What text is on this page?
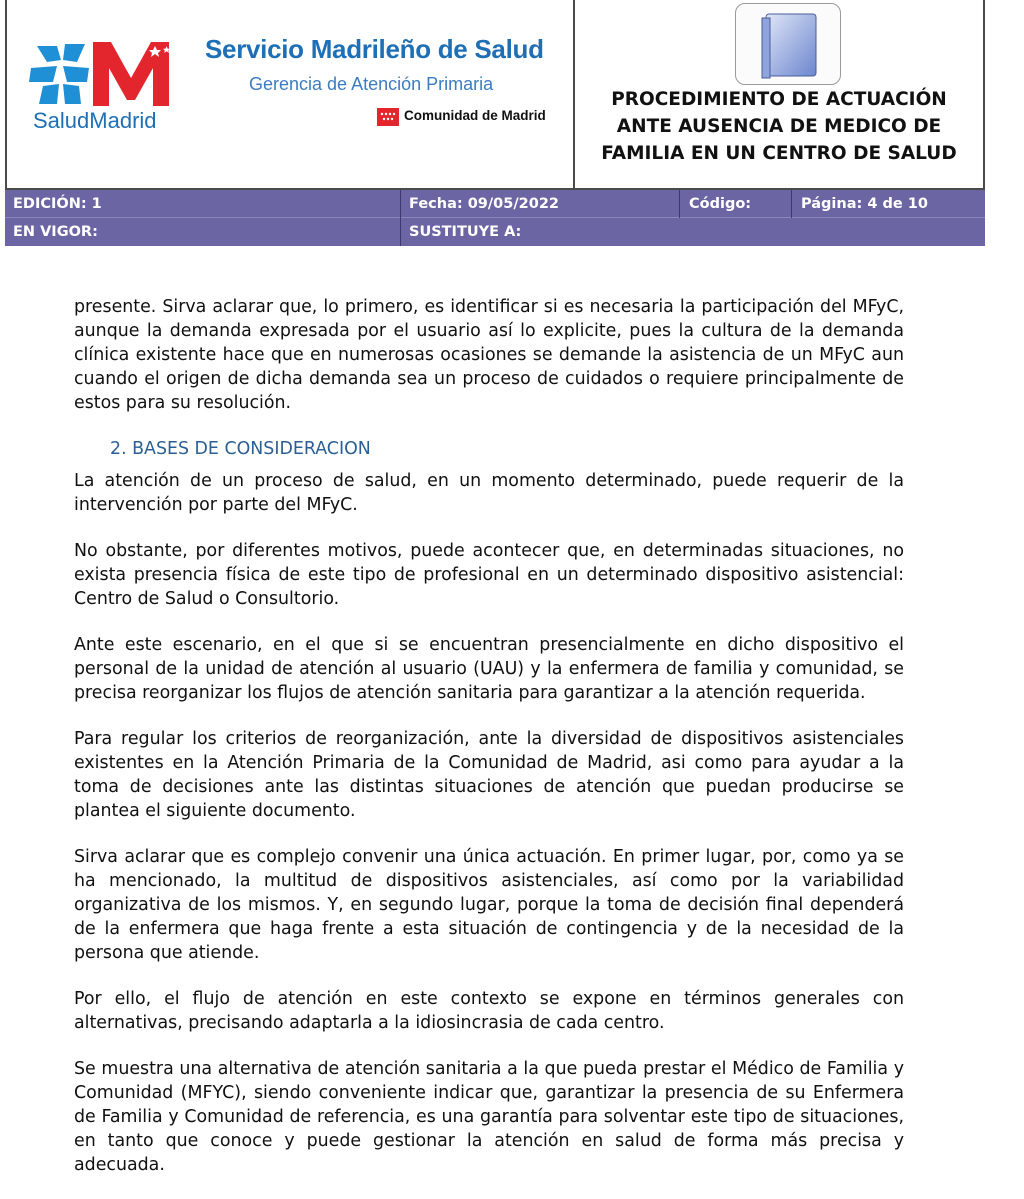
SaludMadrid
Servicio Madrileño de Salud
Gerencia de Atención Primaria
Comunidad de Madrid
PROCEDIMIENTO DE ACTUACIÓN
ANTE AUSENCIA DE MEDICO DE
FAMILIA EN UN CENTRO DE SALUD
EDICIÓN: 1	Fecha: 09/05/2022	Código:	Página: 4 de 10
EN VIGOR:	SUSTITUYE A:

presente. Sirva aclarar que, lo primero, es identificar si es necesaria la participación del MFyC, aunque la demanda expresada por el usuario así lo explicite, pues la cultura de la demanda clínica existente hace que en numerosas ocasiones se demande la asistencia de un MFyC aun cuando el origen de dicha demanda sea un proceso de cuidados o requiere principalmente de estos para su resolución.

2. BASES DE CONSIDERACION

La atención de un proceso de salud, en un momento determinado, puede requerir de la intervención por parte del MFyC.

No obstante, por diferentes motivos, puede acontecer que, en determinadas situaciones, no exista presencia física de este tipo de profesional en un determinado dispositivo asistencial: Centro de Salud o Consultorio.

Ante este escenario, en el que si se encuentran presencialmente en dicho dispositivo el personal de la unidad de atención al usuario (UAU) y la enfermera de familia y comunidad, se precisa reorganizar los flujos de atención sanitaria para garantizar a la atención requerida.

Para regular los criterios de reorganización, ante la diversidad de dispositivos asistenciales existentes en la Atención Primaria de la Comunidad de Madrid, asi como para ayudar a la toma de decisiones ante las distintas situaciones de atención que puedan producirse se plantea el siguiente documento.

Sirva aclarar que es complejo convenir una única actuación. En primer lugar, por, como ya se ha mencionado, la multitud de dispositivos asistenciales, así como por la variabilidad organizativa de los mismos. Y, en segundo lugar, porque la toma de decisión final dependerá de la enfermera que haga frente a esta situación de contingencia y de la necesidad de la persona que atiende.

Por ello, el flujo de atención en este contexto se expone en términos generales con alternativas, precisando adaptarla a la idiosincrasia de cada centro.

Se muestra una alternativa de atención sanitaria a la que pueda prestar el Médico de Familia y Comunidad (MFYC), siendo conveniente indicar que, garantizar la presencia de su Enfermera de Familia y Comunidad de referencia, es una garantía para solventar este tipo de situaciones, en tanto que conoce y puede gestionar la atención en salud de forma más precisa y adecuada.
